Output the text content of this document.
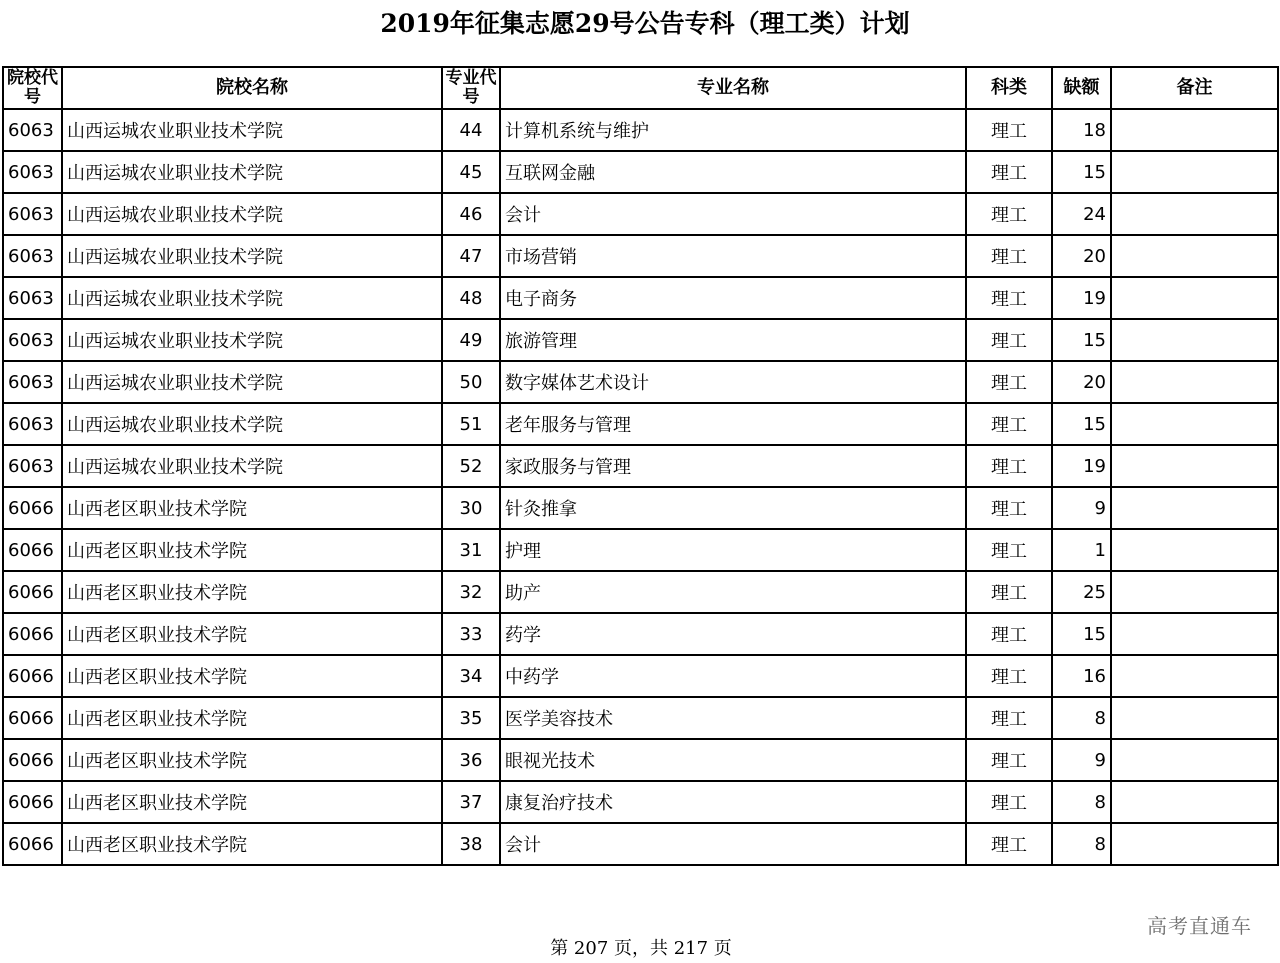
2019年征集志愿29号公告专科（理工类）计划
院校代号	院校名称	专业代号	专业名称	科类	缺额	备注
6063	山西运城农业职业技术学院	44	计算机系统与维护	理工	18	
6063	山西运城农业职业技术学院	45	互联网金融	理工	15	
6063	山西运城农业职业技术学院	46	会计	理工	24	
6063	山西运城农业职业技术学院	47	市场营销	理工	20	
6063	山西运城农业职业技术学院	48	电子商务	理工	19	
6063	山西运城农业职业技术学院	49	旅游管理	理工	15	
6063	山西运城农业职业技术学院	50	数字媒体艺术设计	理工	20	
6063	山西运城农业职业技术学院	51	老年服务与管理	理工	15	
6063	山西运城农业职业技术学院	52	家政服务与管理	理工	19	
6066	山西老区职业技术学院	30	针灸推拿	理工	9	
6066	山西老区职业技术学院	31	护理	理工	1	
6066	山西老区职业技术学院	32	助产	理工	25	
6066	山西老区职业技术学院	33	药学	理工	15	
6066	山西老区职业技术学院	34	中药学	理工	16	
6066	山西老区职业技术学院	35	医学美容技术	理工	8	
6066	山西老区职业技术学院	36	眼视光技术	理工	9	
6066	山西老区职业技术学院	37	康复治疗技术	理工	8	
6066	山西老区职业技术学院	38	会计	理工	8	
高考直通车
第 207 页，共 217 页
